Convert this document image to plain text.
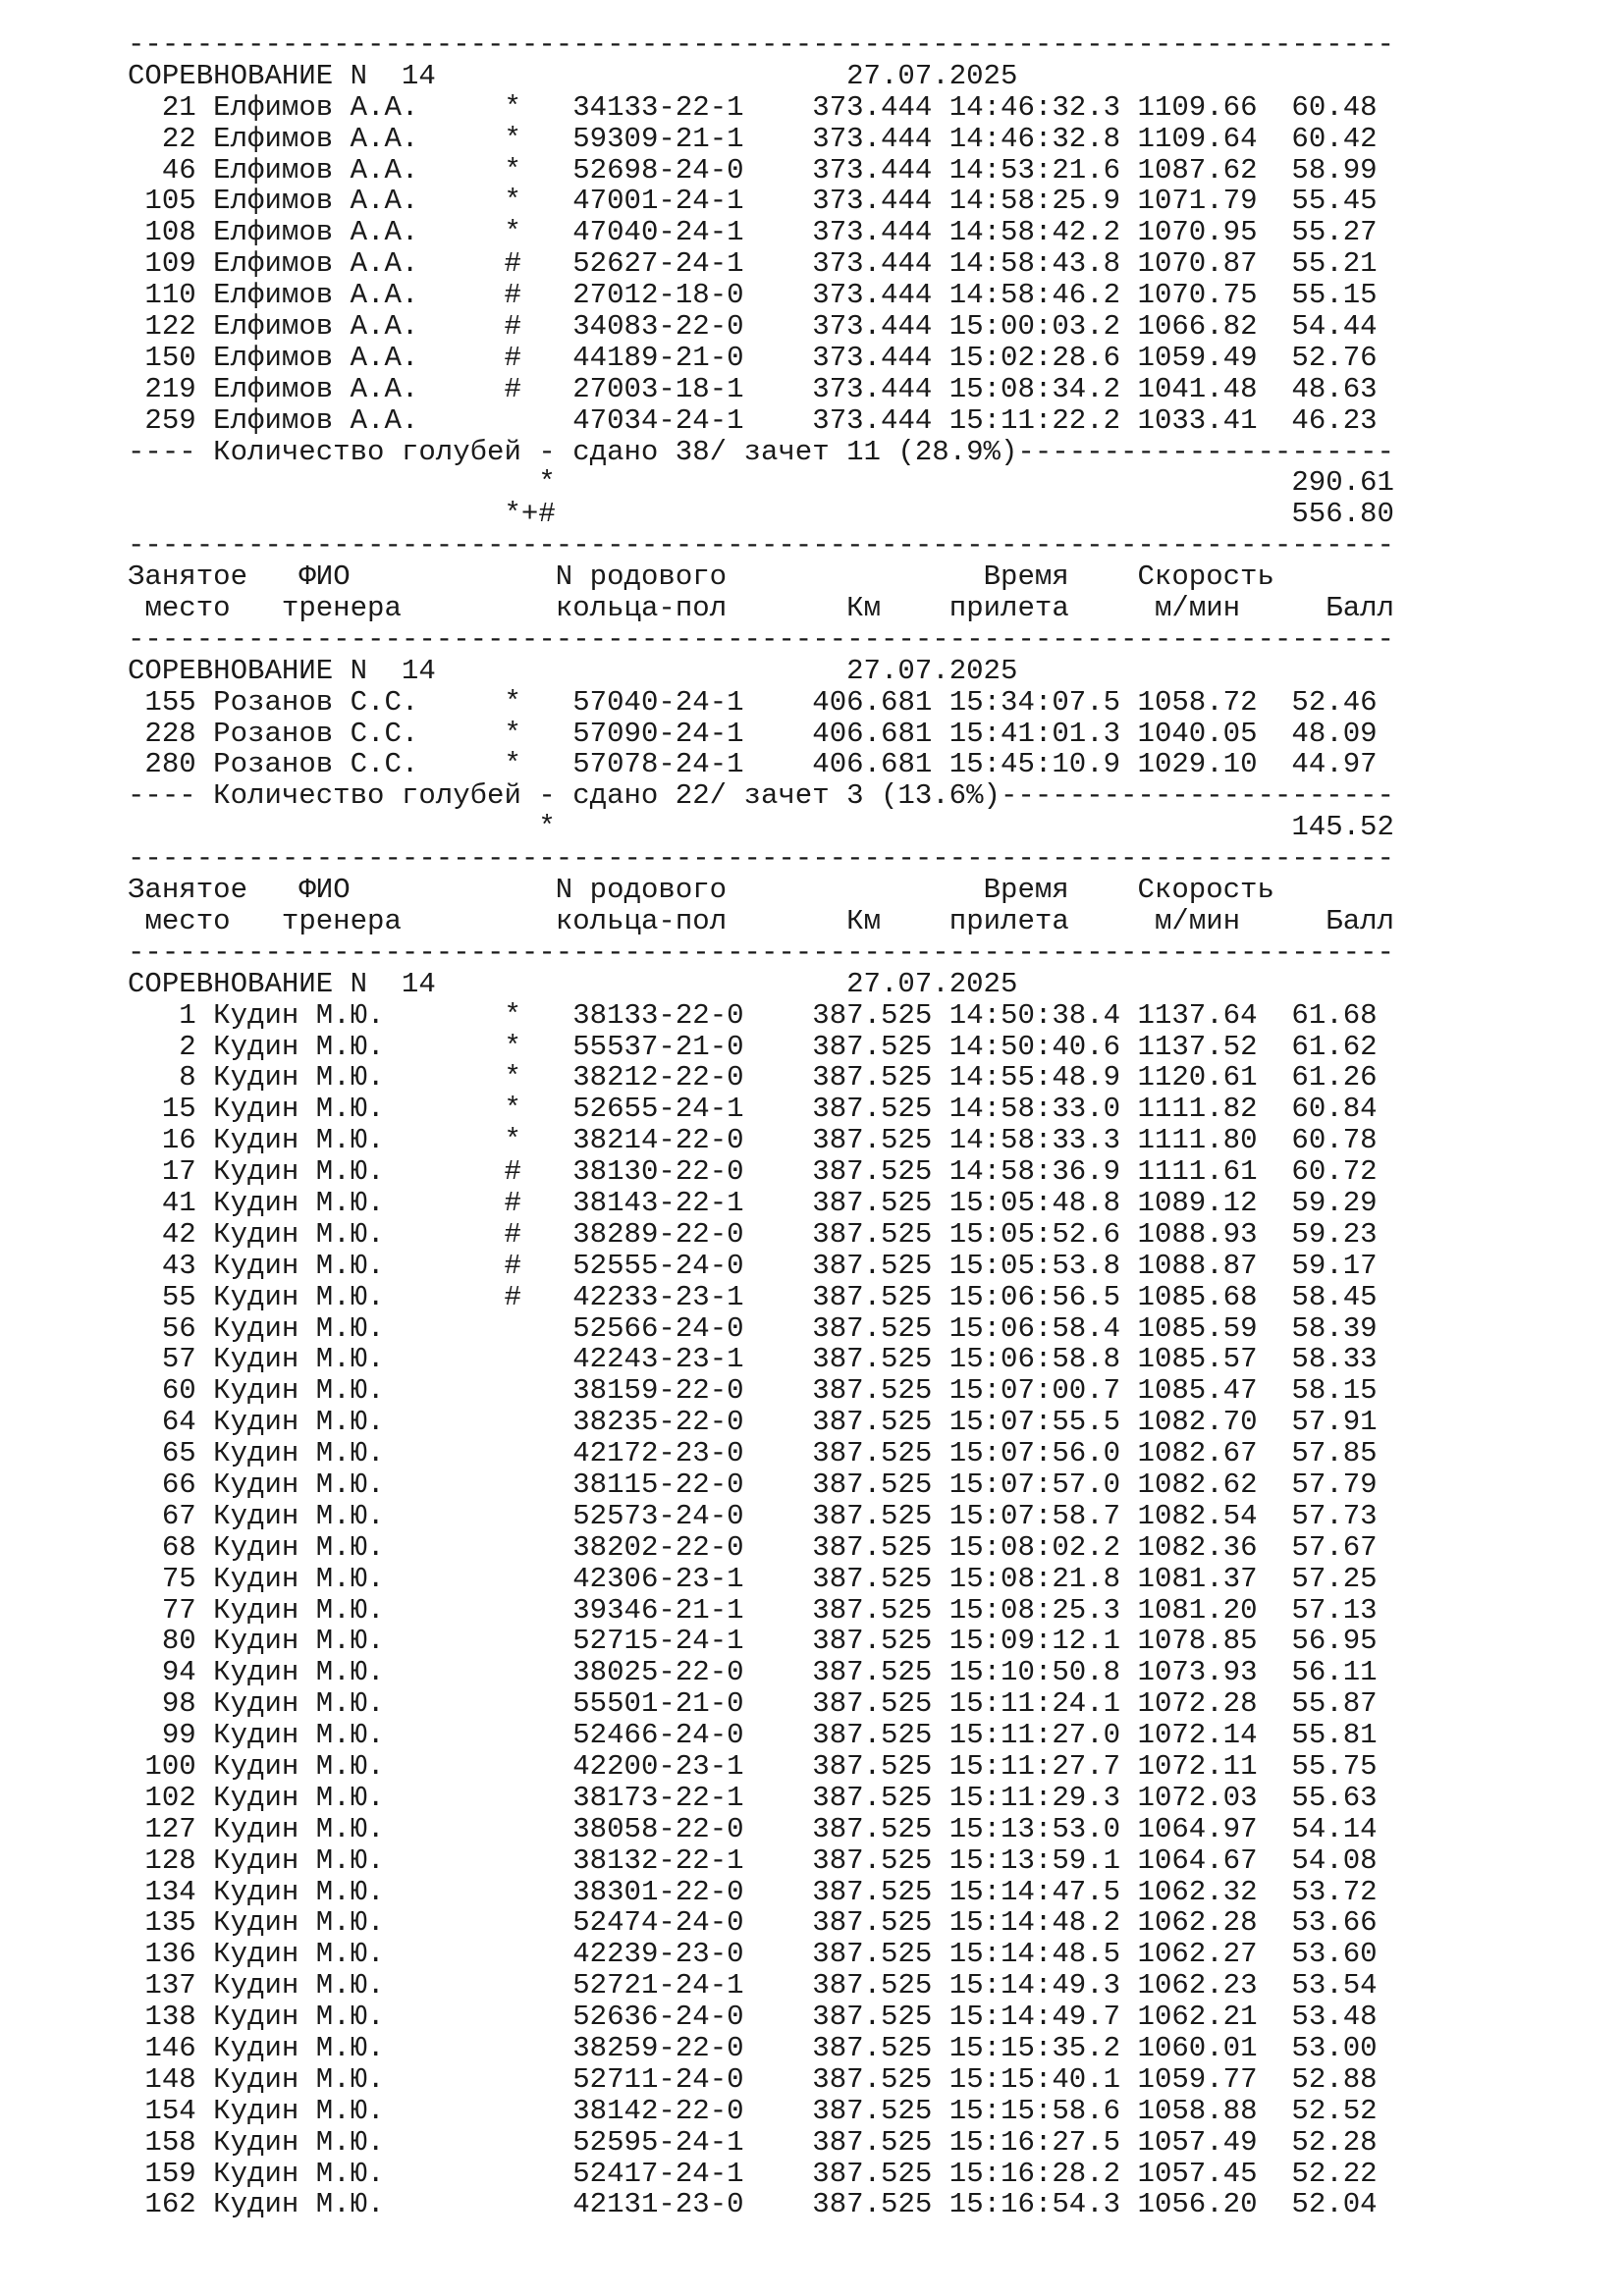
--------------------------------------------------------------------------
СОРЕВНОВАНИЕ N  14	27.07.2025
21 Елфимов А.А.     * 34133-22-1 373.444 14:46:32.3 1109.66  60.48
22 Елфимов А.А.     * 59309-21-1 373.444 14:46:32.8 1109.64  60.42
46 Елфимов А.А.     * 52698-24-0 373.444 14:53:21.6 1087.62  58.99
105 Елфимов А.А.     * 47001-24-1 373.444 14:58:25.9 1071.79  55.45
108 Елфимов А.А.     * 47040-24-1 373.444 14:58:42.2 1070.95  55.27
109 Елфимов А.А.     # 52627-24-1 373.444 14:58:43.8 1070.87  55.21
110 Елфимов А.А.     # 27012-18-0 373.444 14:58:46.2 1070.75  55.15
122 Елфимов А.А.     # 34083-22-0 373.444 15:00:03.2 1066.82  54.44
150 Елфимов А.А.     # 44189-21-0 373.444 15:02:28.6 1059.49  52.76
219 Елфимов А.А.     # 27003-18-1 373.444 15:08:34.2 1041.48  48.63
259 Елфимов А.А.	47034-24-1 373.444 15:11:22.2 1033.41  46.23
---- Количество голубей - сдано 38/ зачет 11 (28.9%)----------------------
*	290.61
*+#	556.80
--------------------------------------------------------------------------
Занятое ФИО	N родового	Время Скорость
место тренера	кольца-пол	Км прилета	м/мин	Балл
--------------------------------------------------------------------------
СОРЕВНОВАНИЕ N  14	27.07.2025
155 Розанов С.С.     * 57040-24-1 406.681 15:34:07.5 1058.72  52.46
228 Розанов С.С.     * 57090-24-1 406.681 15:41:01.3 1040.05  48.09
280 Розанов С.С.     * 57078-24-1 406.681 15:45:10.9 1029.10  44.97
---- Количество голубей - сдано 22/ зачет 3 (13.6%)-----------------------
*	145.52
--------------------------------------------------------------------------
Занятое ФИО	N родового	Время Скорость
место тренера	кольца-пол	Км прилета	м/мин	Балл
--------------------------------------------------------------------------
СОРЕВНОВАНИЕ N  14	27.07.2025
1 Кудин М.Ю.       * 38133-22-0 387.525 14:50:38.4 1137.64  61.68
2 Кудин М.Ю.       * 55537-21-0 387.525 14:50:40.6 1137.52  61.62
8 Кудин М.Ю.       * 38212-22-0 387.525 14:55:48.9 1120.61  61.26
15 Кудин М.Ю.       * 52655-24-1 387.525 14:58:33.0 1111.82  60.84
16 Кудин М.Ю.       * 38214-22-0 387.525 14:58:33.3 1111.80  60.78
17 Кудин М.Ю.       # 38130-22-0 387.525 14:58:36.9 1111.61  60.72
41 Кудин М.Ю.       # 38143-22-1 387.525 15:05:48.8 1089.12  59.29
42 Кудин М.Ю.       # 38289-22-0 387.525 15:05:52.6 1088.93  59.23
43 Кудин М.Ю.       # 52555-24-0 387.525 15:05:53.8 1088.87  59.17
55 Кудин М.Ю.       # 42233-23-1 387.525 15:06:56.5 1085.68  58.45
56 Кудин М.Ю.	52566-24-0 387.525 15:06:58.4 1085.59  58.39
57 Кудин М.Ю.	42243-23-1 387.525 15:06:58.8 1085.57  58.33
60 Кудин М.Ю.	38159-22-0 387.525 15:07:00.7 1085.47  58.15
64 Кудин М.Ю.	38235-22-0 387.525 15:07:55.5 1082.70  57.91
65 Кудин М.Ю.	42172-23-0 387.525 15:07:56.0 1082.67  57.85
66 Кудин М.Ю.	38115-22-0 387.525 15:07:57.0 1082.62  57.79
67 Кудин М.Ю.	52573-24-0 387.525 15:07:58.7 1082.54  57.73
68 Кудин М.Ю.	38202-22-0 387.525 15:08:02.2 1082.36  57.67
75 Кудин М.Ю.	42306-23-1 387.525 15:08:21.8 1081.37  57.25
77 Кудин М.Ю.	39346-21-1 387.525 15:08:25.3 1081.20  57.13
80 Кудин М.Ю.	52715-24-1 387.525 15:09:12.1 1078.85  56.95
94 Кудин М.Ю.	38025-22-0 387.525 15:10:50.8 1073.93  56.11
98 Кудин М.Ю.	55501-21-0 387.525 15:11:24.1 1072.28  55.87
99 Кудин М.Ю.	52466-24-0 387.525 15:11:27.0 1072.14  55.81
100 Кудин М.Ю.	42200-23-1 387.525 15:11:27.7 1072.11  55.75
102 Кудин М.Ю.	38173-22-1 387.525 15:11:29.3 1072.03  55.63
127 Кудин М.Ю.	38058-22-0 387.525 15:13:53.0 1064.97  54.14
128 Кудин М.Ю.	38132-22-1 387.525 15:13:59.1 1064.67  54.08
134 Кудин М.Ю.	38301-22-0 387.525 15:14:47.5 1062.32  53.72
135 Кудин М.Ю.	52474-24-0 387.525 15:14:48.2 1062.28  53.66
136 Кудин М.Ю.	42239-23-0 387.525 15:14:48.5 1062.27  53.60
137 Кудин М.Ю.	52721-24-1 387.525 15:14:49.3 1062.23  53.54
138 Кудин М.Ю.	52636-24-0 387.525 15:14:49.7 1062.21  53.48
146 Кудин М.Ю.	38259-22-0 387.525 15:15:35.2 1060.01  53.00
148 Кудин М.Ю.	52711-24-0 387.525 15:15:40.1 1059.77  52.88
154 Кудин М.Ю.	38142-22-0 387.525 15:15:58.6 1058.88  52.52
158 Кудин М.Ю.	52595-24-1 387.525 15:16:27.5 1057.49  52.28
159 Кудин М.Ю.	52417-24-1 387.525 15:16:28.2 1057.45  52.22
162 Кудин М.Ю.	42131-23-0 387.525 15:16:54.3 1056.20  52.04
